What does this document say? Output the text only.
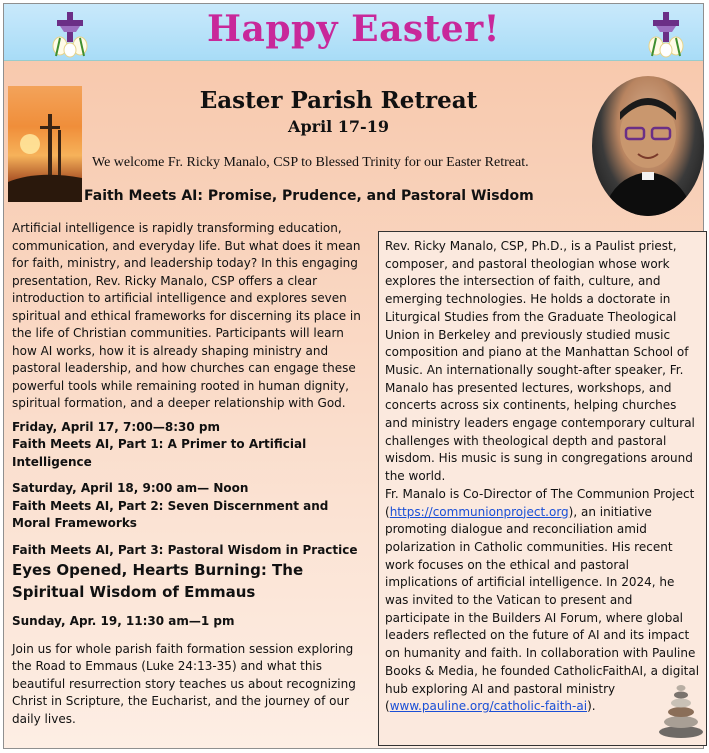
Happy Easter!
Easter Parish Retreat
April 17-19
We welcome Fr. Ricky Manalo, CSP to Blessed Trinity for our Easter Retreat.
Faith Meets AI: Promise, Prudence, and Pastoral Wisdom

Artificial intelligence is rapidly transforming education, communication, and everyday life. But what does it mean for faith, ministry, and leadership today? In this engaging presentation, Rev. Ricky Manalo, CSP offers a clear introduction to artificial intelligence and explores seven spiritual and ethical frameworks for discerning its place in the life of Christian communities. Participants will learn how AI works, how it is already shaping ministry and pastoral leadership, and how churches can engage these powerful tools while remaining rooted in human dignity, spiritual formation, and a deeper relationship with God.

Friday, April 17, 7:00—8:30 pm

Faith Meets AI, Part 1: A Primer to Artificial Intelligence

Saturday, April 18, 9:00 am— Noon

Faith Meets AI, Part 2: Seven Discernment and Moral Frameworks

Faith Meets AI, Part 3: Pastoral Wisdom in Practice

Eyes Opened, Hearts Burning: The Spiritual Wisdom of Emmaus

Sunday, Apr. 19, 11:30 am—1 pm

Join us for whole parish faith formation session exploring the Road to Emmaus (Luke 24:13-35) and what this beautiful resurrection story teaches us about recognizing Christ in Scripture, the Eucharist, and the journey of our daily lives.

Rev. Ricky Manalo, CSP, Ph.D., is a Paulist priest, composer, and pastoral theologian whose work explores the intersection of faith, culture, and emerging technologies. He holds a doctorate in Liturgical Studies from the Graduate Theological Union in Berkeley and previously studied music composition and piano at the Manhattan School of Music. An internationally sought-after speaker, Fr. Manalo has presented lectures, workshops, and concerts across six continents, helping churches and ministry leaders engage contemporary cultural challenges with theological depth and pastoral wisdom. His music is sung in congregations around the world.

Fr. Manalo is Co-Director of The Communion Project (https://communionproject.org), an initiative promoting dialogue and reconciliation amid polarization in Catholic communities. His recent work focuses on the ethical and pastoral implications of artificial intelligence. In 2024, he was invited to the Vatican to present and participate in the Builders AI Forum, where global leaders reflected on the future of AI and its impact on humanity and faith. In collaboration with Pauline Books & Media, he founded CatholicFaithAI, a digital hub exploring AI and pastoral ministry (www.pauline.org/catholic-faith-ai).
